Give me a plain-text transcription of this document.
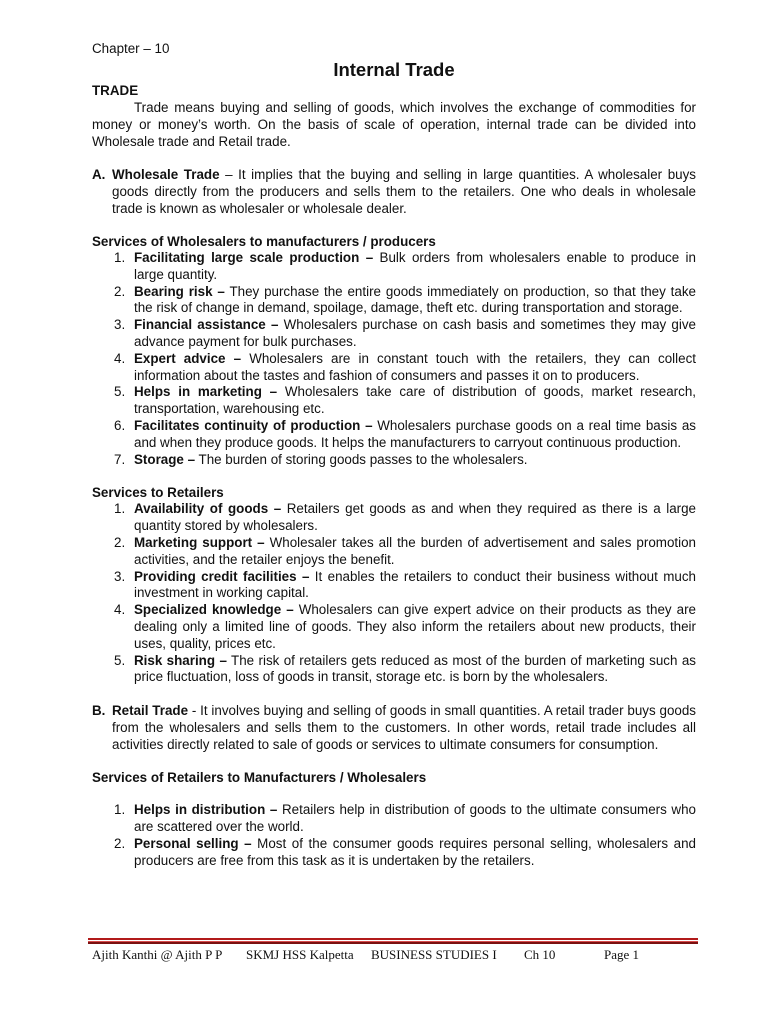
Chapter – 10
Internal Trade
TRADE

Trade means buying and selling of goods, which involves the exchange of commodities for money or money’s worth. On the basis of scale of operation, internal trade can be divided into Wholesale trade and Retail trade.

A. Wholesale Trade – It implies that the buying and selling in large quantities. A wholesaler buys goods directly from the producers and sells them to the retailers. One who deals in wholesale trade is known as wholesaler or wholesale dealer.
Services of Wholesalers to manufacturers / producers
1. Facilitating large scale production – Bulk orders from wholesalers enable to produce in large quantity.
2. Bearing risk – They purchase the entire goods immediately on production, so that they take the risk of change in demand, spoilage, damage, theft etc. during transportation and storage.
3. Financial assistance – Wholesalers purchase on cash basis and sometimes they may give advance payment for bulk purchases.
4. Expert advice – Wholesalers are in constant touch with the retailers, they can collect information about the tastes and fashion of consumers and passes it on to producers.
5. Helps in marketing – Wholesalers take care of distribution of goods, market research, transportation, warehousing etc.
6. Facilitates continuity of production – Wholesalers purchase goods on a real time basis as and when they produce goods. It helps the manufacturers to carryout continuous production.
7. Storage – The burden of storing goods passes to the wholesalers.
Services to Retailers
1. Availability of goods – Retailers get goods as and when they required as there is a large quantity stored by wholesalers.
2. Marketing support – Wholesaler takes all the burden of advertisement and sales promotion activities, and the retailer enjoys the benefit.
3. Providing credit facilities – It enables the retailers to conduct their business without much investment in working capital.
4. Specialized knowledge – Wholesalers can give expert advice on their products as they are dealing only a limited line of goods. They also inform the retailers about new products, their uses, quality, prices etc.
5. Risk sharing – The risk of retailers gets reduced as most of the burden of marketing such as price fluctuation, loss of goods in transit, storage etc. is born by the wholesalers.
B. Retail Trade - It involves buying and selling of goods in small quantities. A retail trader buys goods from the wholesalers and sells them to the customers. In other words, retail trade includes all activities directly related to sale of goods or services to ultimate consumers for consumption.
Services of Retailers to Manufacturers / Wholesalers
1. Helps in distribution – Retailers help in distribution of goods to the ultimate consumers who are scattered over the world.
2. Personal selling – Most of the consumer goods requires personal selling, wholesalers and producers are free from this task as it is undertaken by the retailers.
Ajith Kanthi @ Ajith P P SKMJ HSS Kalpetta BUSINESS STUDIES I Ch 10	Page 1
